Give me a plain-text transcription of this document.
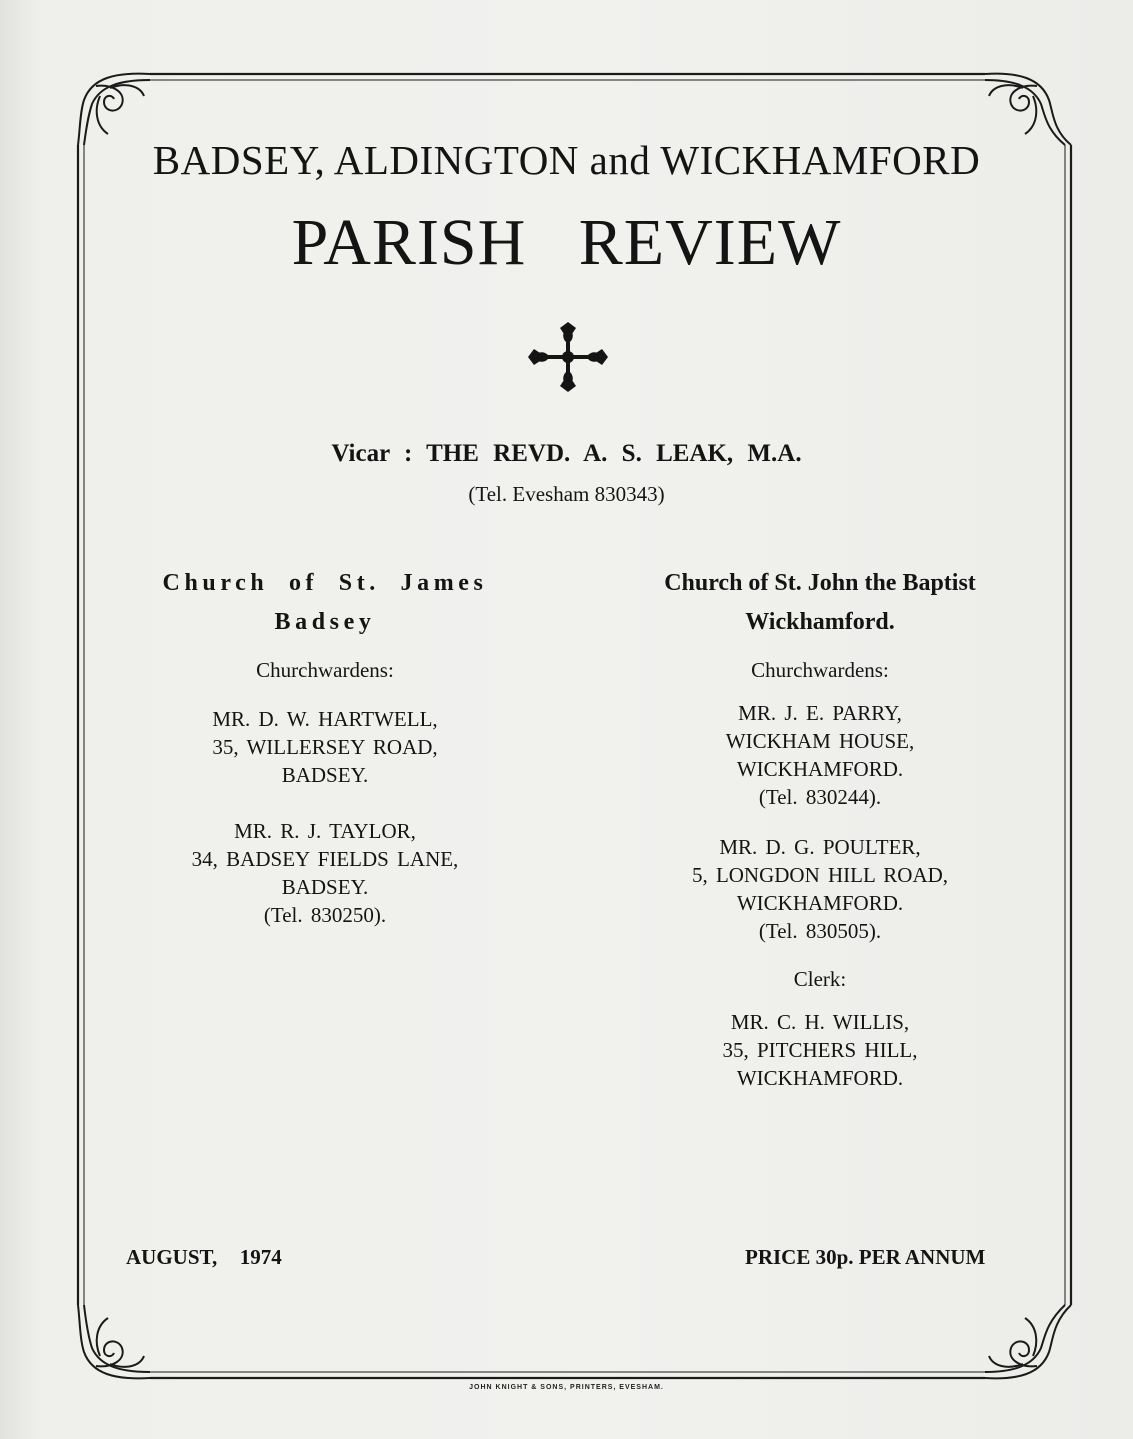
BADSEY, ALDINGTON and WICKHAMFORD
PARISH   REVIEW
Vicar : THE REVD. A. S. LEAK, M.A.
(Tel. Evesham 830343)
Church of St. James
Badsey
Churchwardens:
MR. D. W. HARTWELL,
35, WILLERSEY ROAD,
BADSEY.
MR. R. J. TAYLOR,
34, BADSEY FIELDS LANE,
BADSEY.
(Tel. 830250).
Church of St. John the Baptist
Wickhamford.
Churchwardens:
MR. J. E. PARRY,
WICKHAM HOUSE,
WICKHAMFORD.
(Tel. 830244).
MR. D. G. POULTER,
5, LONGDON HILL ROAD,
WICKHAMFORD.
(Tel. 830505).
Clerk:
MR. C. H. WILLIS,
35, PITCHERS HILL,
WICKHAMFORD.
AUGUST,  1974	PRICE 30p. PER ANNUM
JOHN KNIGHT & SONS, PRINTERS, EVESHAM.
